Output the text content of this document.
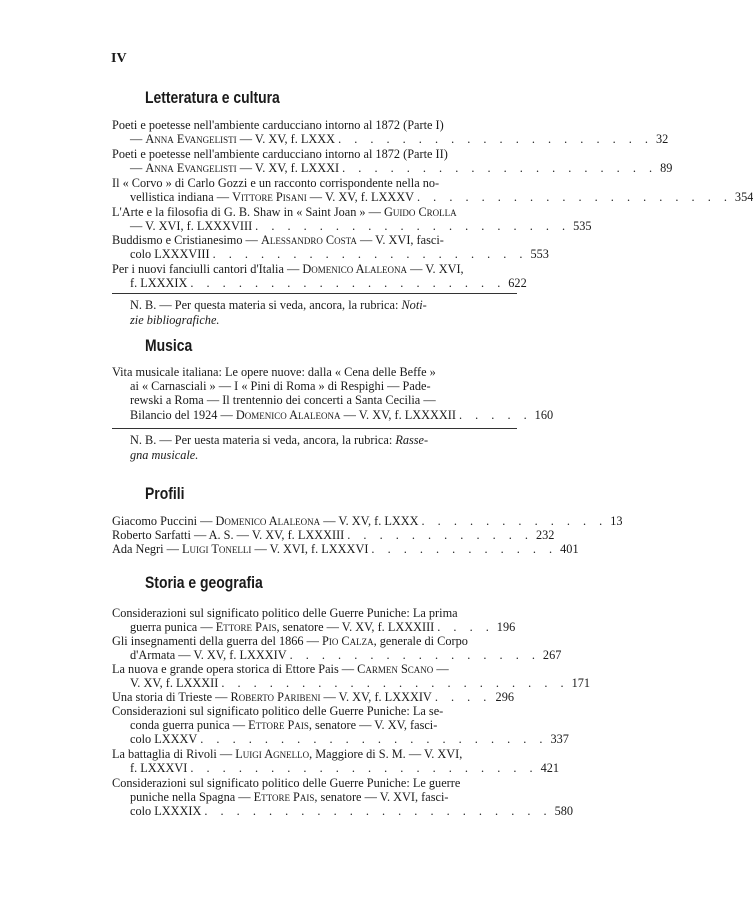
IV
Letteratura e cultura
Poeti e poetesse nell'ambiente carducciano intorno al 1872 (Parte I)
— Anna Evangelisti — V. XV, f. LXXX . . . . . . . . . . . . . . . . . . . . 32
Poeti e poetesse nell'ambiente carducciano intorno al 1872 (Parte II)
— Anna Evangelisti — V. XV, f. LXXXI . . . . . . . . . . . . . . . . . . . . 89
Il « Corvo » di Carlo Gozzi e un racconto corrispondente nella no-
vellistica indiana — Vittore Pisani — V. XV, f. LXXXV . . . . . . . . . . . . . . . . . . . . 354
L'Arte e la filosofia di G. B. Shaw in « Saint Joan » — Guido Crolla
— V. XVI, f. LXXXVIII . . . . . . . . . . . . . . . . . . . . 535
Buddismo e Cristianesimo — Alessandro Costa — V. XVI, fasci-
colo LXXXVIII . . . . . . . . . . . . . . . . . . . . 553
Per i nuovi fanciulli cantori d'Italia — Domenico Alaleona — V. XVI,
f. LXXXIX . . . . . . . . . . . . . . . . . . . . 622
N. B. — Per questa materia si veda, ancora, la rubrica: Noti-
zie bibliografiche.
Musica
Vita musicale italiana: Le opere nuove: dalla « Cena delle Beffe »
ai « Carnasciali » — I « Pini di Roma » di Respighi — Pade-
rewski a Roma — Il trentennio dei concerti a Santa Cecilia —
Bilancio del 1924 — Domenico Alaleona — V. XV, f. LXXXXII . . . . . 160
N. B. — Per uesta materia si veda, ancora, la rubrica: Rasse-
gna musicale.
Profili
Giacomo Puccini — Domenico Alaleona — V. XV, f. LXXX . . . . . . . . . . . . 13
Roberto Sarfatti — A. S. — V. XV, f. LXXXIII . . . . . . . . . . . . 232
Ada Negri — Luigi Tonelli — V. XVI, f. LXXXVI . . . . . . . . . . . . 401
Storia e geografia
Considerazioni sul significato politico delle Guerre Puniche: La prima
guerra punica — Ettore Pais, senatore — V. XV, f. LXXXIII . . . . 196
Gli insegnamenti della guerra del 1866 — Pio Calza, generale di Corpo
d'Armata — V. XV, f. LXXXIV . . . . . . . . . . . . . . . . 267
La nuova e grande opera storica di Ettore Pais — Carmen Scano —
V. XV, f. LXXXII . . . . . . . . . . . . . . . . . . . . . . 171
Una storia di Trieste — Roberto Paribeni — V. XV, f. LXXXIV . . . . 296
Considerazioni sul significato politico delle Guerre Puniche: La se-
conda guerra punica — Ettore Pais, senatore — V. XV, fasci-
colo LXXXV . . . . . . . . . . . . . . . . . . . . . . 337
La battaglia di Rivoli — Luigi Agnello, Maggiore di S. M. — V. XVI,
f. LXXXVI . . . . . . . . . . . . . . . . . . . . . . 421
Considerazioni sul significato politico delle Guerre Puniche: Le guerre
puniche nella Spagna — Ettore Pais, senatore — V. XVI, fasci-
colo LXXXIX . . . . . . . . . . . . . . . . . . . . . . 580
